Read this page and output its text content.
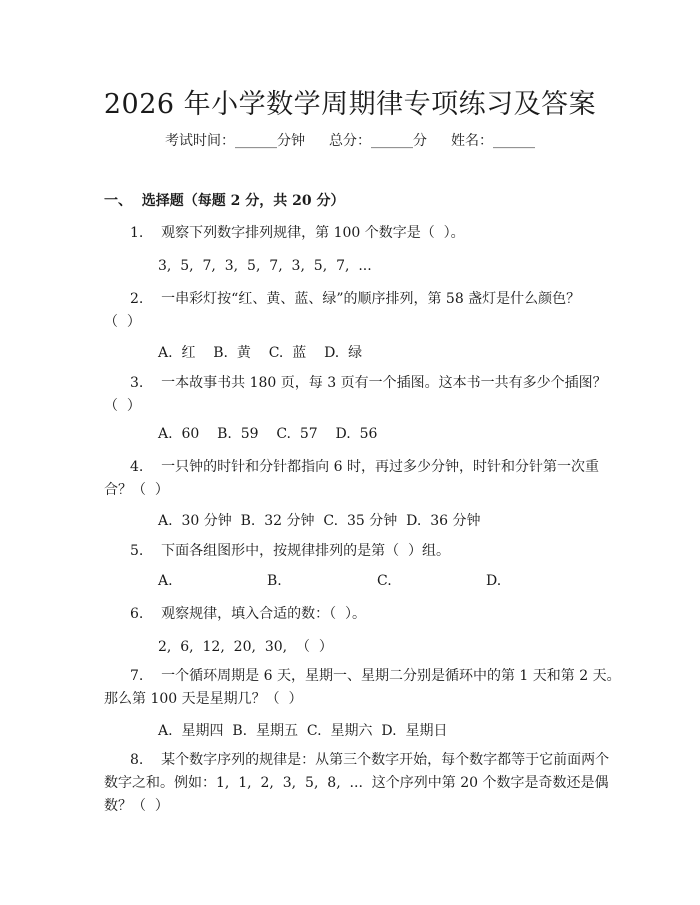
2026 年小学数学周期律专项练习及答案
考试时间：______分钟 总分：______分 姓名：______
一、  选择题（每题 2 分，共 20 分）
1.    观察下列数字排列规律，第 100 个数字是（  ）。
3,  5,  7,  3,  5,  7,  3,  5,  7,  ...
2.    一串彩灯按“红、黄、蓝、绿”的顺序排列，第 58 盏灯是什么颜色？
（  ）
A.  红    B.  黄    C.  蓝    D.  绿
3.    一本故事书共 180 页，每 3 页有一个插图。这本书一共有多少个插图？
（  ）
A.  60    B.  59    C.  57    D.  56
4.    一只钟的时针和分针都指向 6 时，再过多少分钟，时针和分针第一次重
合？（  ）
A.  30 分钟  B.  32 分钟  C.  35 分钟  D.  36 分钟
5.    下面各组图形中，按规律排列的是第（  ）组。
A.	B.	C.	D.
6.    观察规律，填入合适的数：（  ）。
2,  6,  12,  20,  30,  （  ）
7.    一个循环周期是 6 天，星期一、星期二分别是循环中的第 1 天和第 2 天。
那么第 100 天是星期几？（  ）
A.  星期四  B.  星期五  C.  星期六  D.  星期日
8.    某个数字序列的规律是：从第三个数字开始，每个数字都等于它前面两个
数字之和。例如：1,  1,  2,  3,  5,  8,  ...  这个序列中第 20 个数字是奇数还是偶
数？（  ）
